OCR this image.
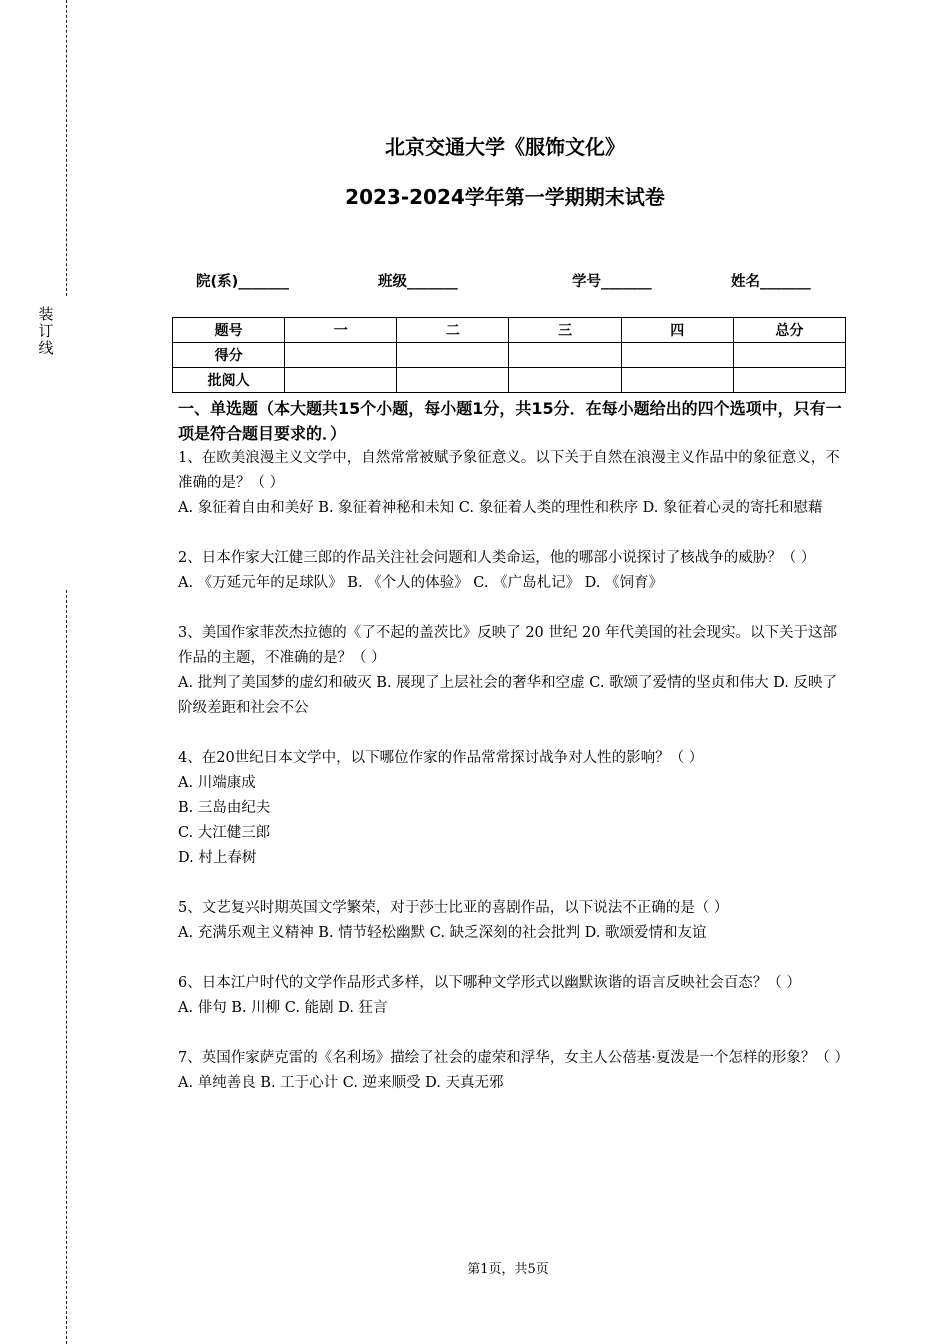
装
订
线
北京交通大学《服饰文化》
2023-2024学年第一学期期末试卷
院(系)_______	班级_______	学号_______	姓名_______
题号	一	二	三	四	总分
得分					
批阅人					

一、单选题（本大题共15个小题，每小题1分，共15分．在每小题给出的四个选项中，只有一项是符合题目要求的．）

1、在欧美浪漫主义文学中，自然常常被赋予象征意义。以下关于自然在浪漫主义作品中的象征意义，不准确的是？（ ）

A. 象征着自由和美好 B. 象征着神秘和未知 C. 象征着人类的理性和秩序 D. 象征着心灵的寄托和慰藉

2、日本作家大江健三郎的作品关注社会问题和人类命运，他的哪部小说探讨了核战争的威胁？（ ）

A. 《万延元年的足球队》 B. 《个人的体验》 C. 《广岛札记》 D. 《饲育》

3、美国作家菲茨杰拉德的《了不起的盖茨比》反映了 20 世纪 20 年代美国的社会现实。以下关于这部作品的主题，不准确的是？（ ）

A. 批判了美国梦的虚幻和破灭 B. 展现了上层社会的奢华和空虚 C. 歌颂了爱情的坚贞和伟大 D. 反映了阶级差距和社会不公

4、在20世纪日本文学中，以下哪位作家的作品常常探讨战争对人性的影响？（ ）

A. 川端康成
B. 三岛由纪夫
C. 大江健三郎
D. 村上春树

5、文艺复兴时期英国文学繁荣，对于莎士比亚的喜剧作品，以下说法不正确的是（ ）

A. 充满乐观主义精神 B. 情节轻松幽默 C. 缺乏深刻的社会批判 D. 歌颂爱情和友谊

6、日本江户时代的文学作品形式多样，以下哪种文学形式以幽默诙谐的语言反映社会百态？（ ）

A. 俳句 B. 川柳 C. 能剧 D. 狂言

7、英国作家萨克雷的《名利场》描绘了社会的虚荣和浮华，女主人公蓓基·夏泼是一个怎样的形象？（ ）

A. 单纯善良 B. 工于心计 C. 逆来顺受 D. 天真无邪

第1页，共5页
